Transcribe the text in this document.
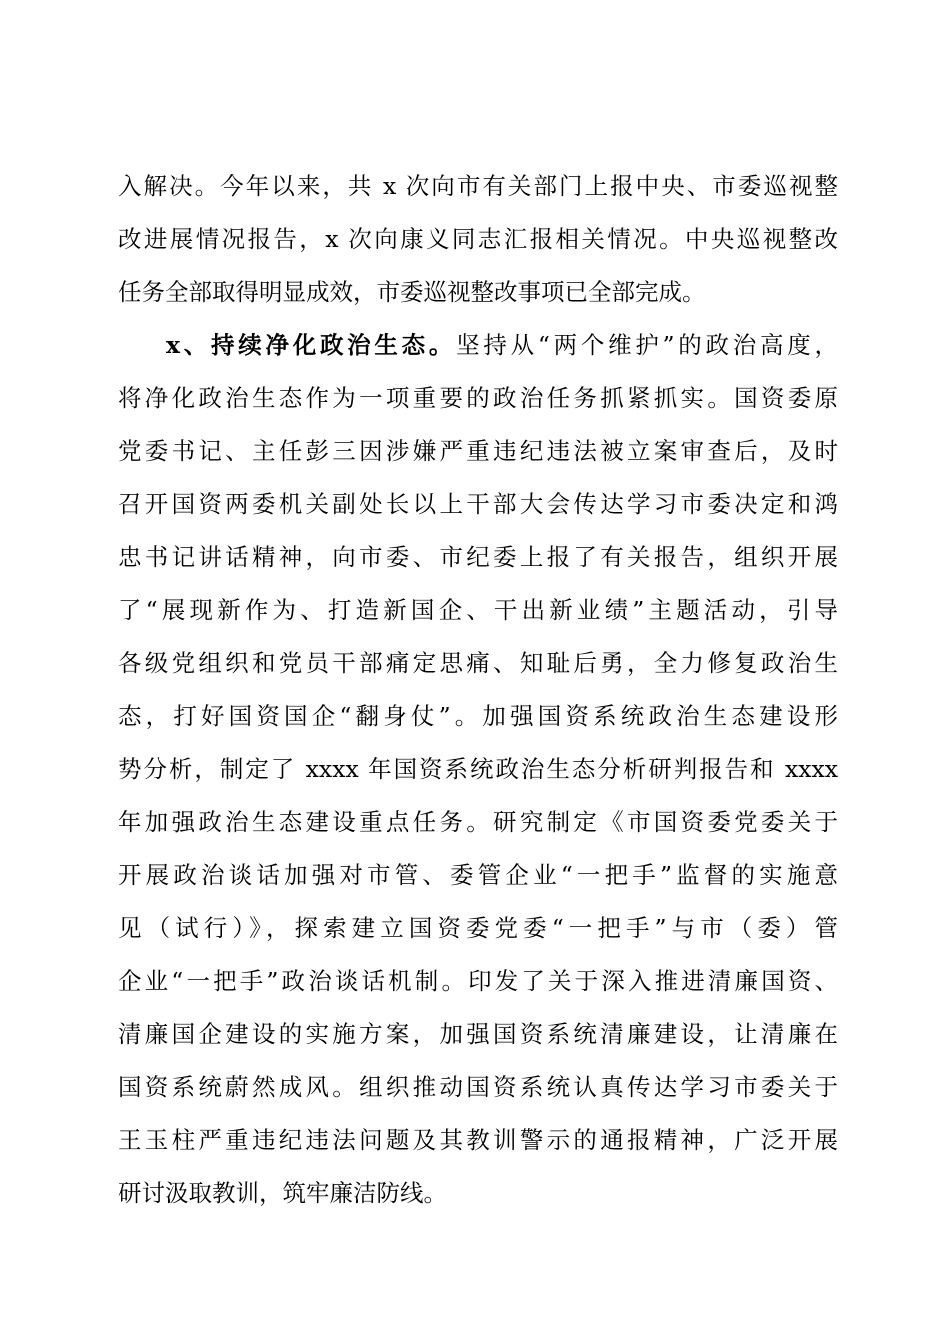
入解决。今年以来，共 x 次向市有关部门上报中央、市委巡视整
改进展情况报告，x 次向康义同志汇报相关情况。中央巡视整改
任务全部取得明显成效，市委巡视整改事项已全部完成。
x、持续净化政治生态。坚持从“两个维护”的政治高度，
将净化政治生态作为一项重要的政治任务抓紧抓实。国资委原
党委书记、主任彭三因涉嫌严重违纪违法被立案审查后，及时
召开国资两委机关副处长以上干部大会传达学习市委决定和鸿
忠书记讲话精神，向市委、市纪委上报了有关报告，组织开展
了“展现新作为、打造新国企、干出新业绩”主题活动，引导
各级党组织和党员干部痛定思痛、知耻后勇，全力修复政治生
态，打好国资国企“翻身仗”。加强国资系统政治生态建设形
势分析，制定了 xxxx 年国资系统政治生态分析研判报告和 xxxx
年加强政治生态建设重点任务。研究制定《市国资委党委关于
开展政治谈话加强对市管、委管企业“一把手”监督的实施意
见（试行）》，探索建立国资委党委“一把手”与市（委）管
企业“一把手”政治谈话机制。印发了关于深入推进清廉国资、
清廉国企建设的实施方案，加强国资系统清廉建设，让清廉在
国资系统蔚然成风。组织推动国资系统认真传达学习市委关于
王玉柱严重违纪违法问题及其教训警示的通报精神，广泛开展
研讨汲取教训，筑牢廉洁防线。
